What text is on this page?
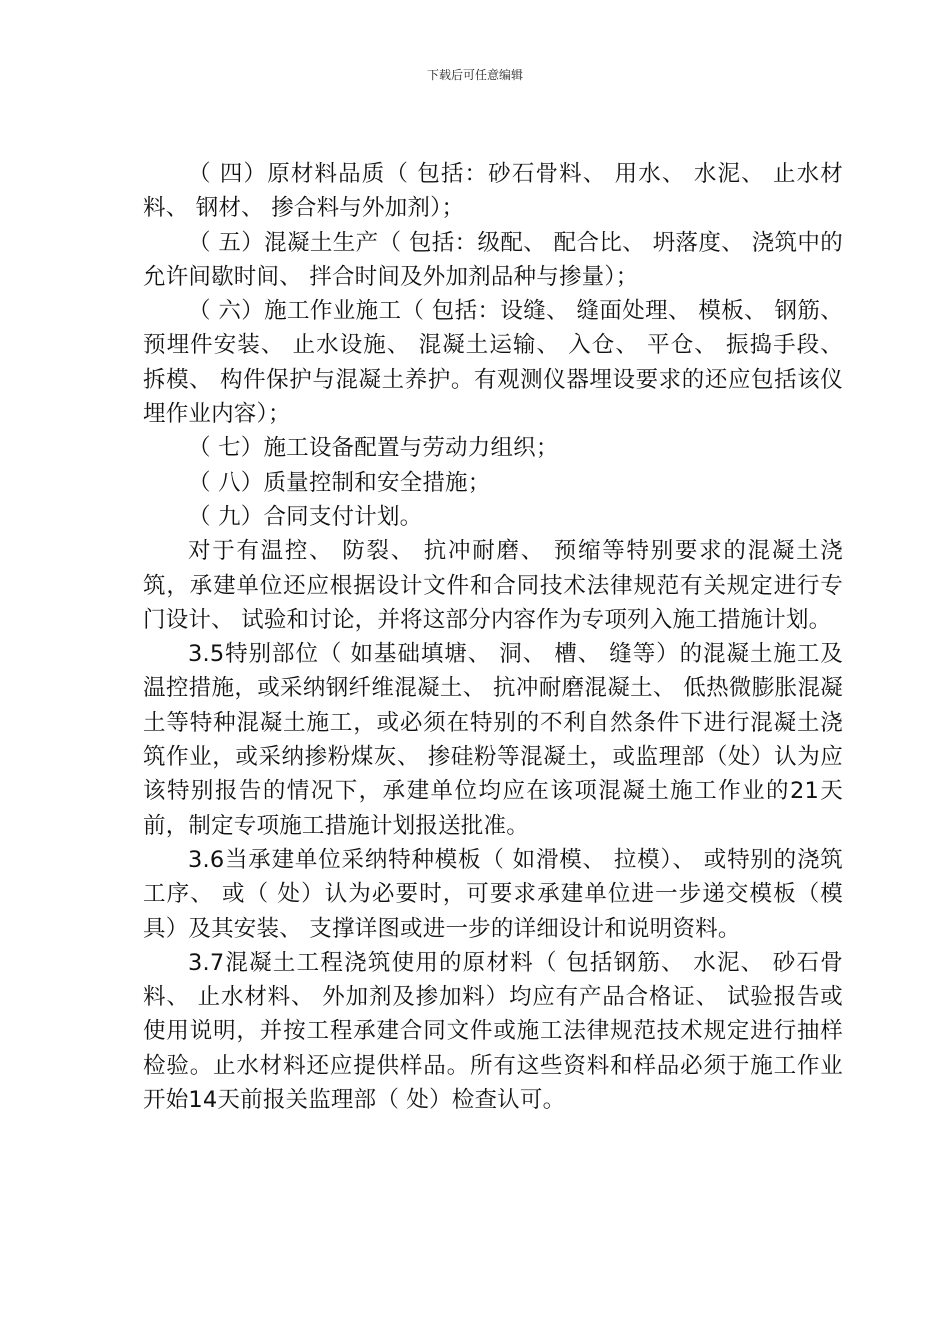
下载后可任意编辑

（ 四）原材料品质（ 包括：砂石骨料、 用水、 水泥、 止水材料、 钢材、 掺合料与外加剂）；

（ 五）混凝土生产（ 包括：级配、 配合比、 坍落度、 浇筑中的允许间歇时间、 拌合时间及外加剂品种与掺量）；

（ 六）施工作业施工（ 包括：设缝、 缝面处理、 模板、 钢筋、 预埋件安装、 止水设施、 混凝土运输、 入仓、 平仓、 振捣手段、 拆模、 构件保护与混凝土养护。有观测仪器埋设要求的还应包括该仪埋作业内容）；

（ 七）施工设备配置与劳动力组织；

（ 八）质量控制和安全措施；

（ 九）合同支付计划。

对于有温控、 防裂、 抗冲耐磨、 预缩等特别要求的混凝土浇筑，承建单位还应根据设计文件和合同技术法律规范有关规定进行专门设计、 试验和讨论，并将这部分内容作为专项列入施工措施计划。

3.5特别部位（ 如基础填塘、 洞、 槽、 缝等）的混凝土施工及温控措施，或采纳钢纤维混凝土、 抗冲耐磨混凝土、 低热微膨胀混凝土等特种混凝土施工，或必须在特别的不利自然条件下进行混凝土浇筑作业，或采纳掺粉煤灰、 掺硅粉等混凝土，或监理部（处）认为应该特别报告的情况下，承建单位均应在该项混凝土施工作业的21天前，制定专项施工措施计划报送批准。

3.6当承建单位采纳特种模板（ 如滑模、 拉模）、 或特别的浇筑工序、 或（ 处）认为必要时，可要求承建单位进一步递交模板（模具）及其安装、 支撑详图或进一步的详细设计和说明资料。

3.7混凝土工程浇筑使用的原材料（ 包括钢筋、 水泥、 砂石骨料、 止水材料、 外加剂及掺加料）均应有产品合格证、 试验报告或使用说明，并按工程承建合同文件或施工法律规范技术规定进行抽样检验。止水材料还应提供样品。所有这些资料和样品必须于施工作业开始14天前报关监理部（ 处）检查认可。
